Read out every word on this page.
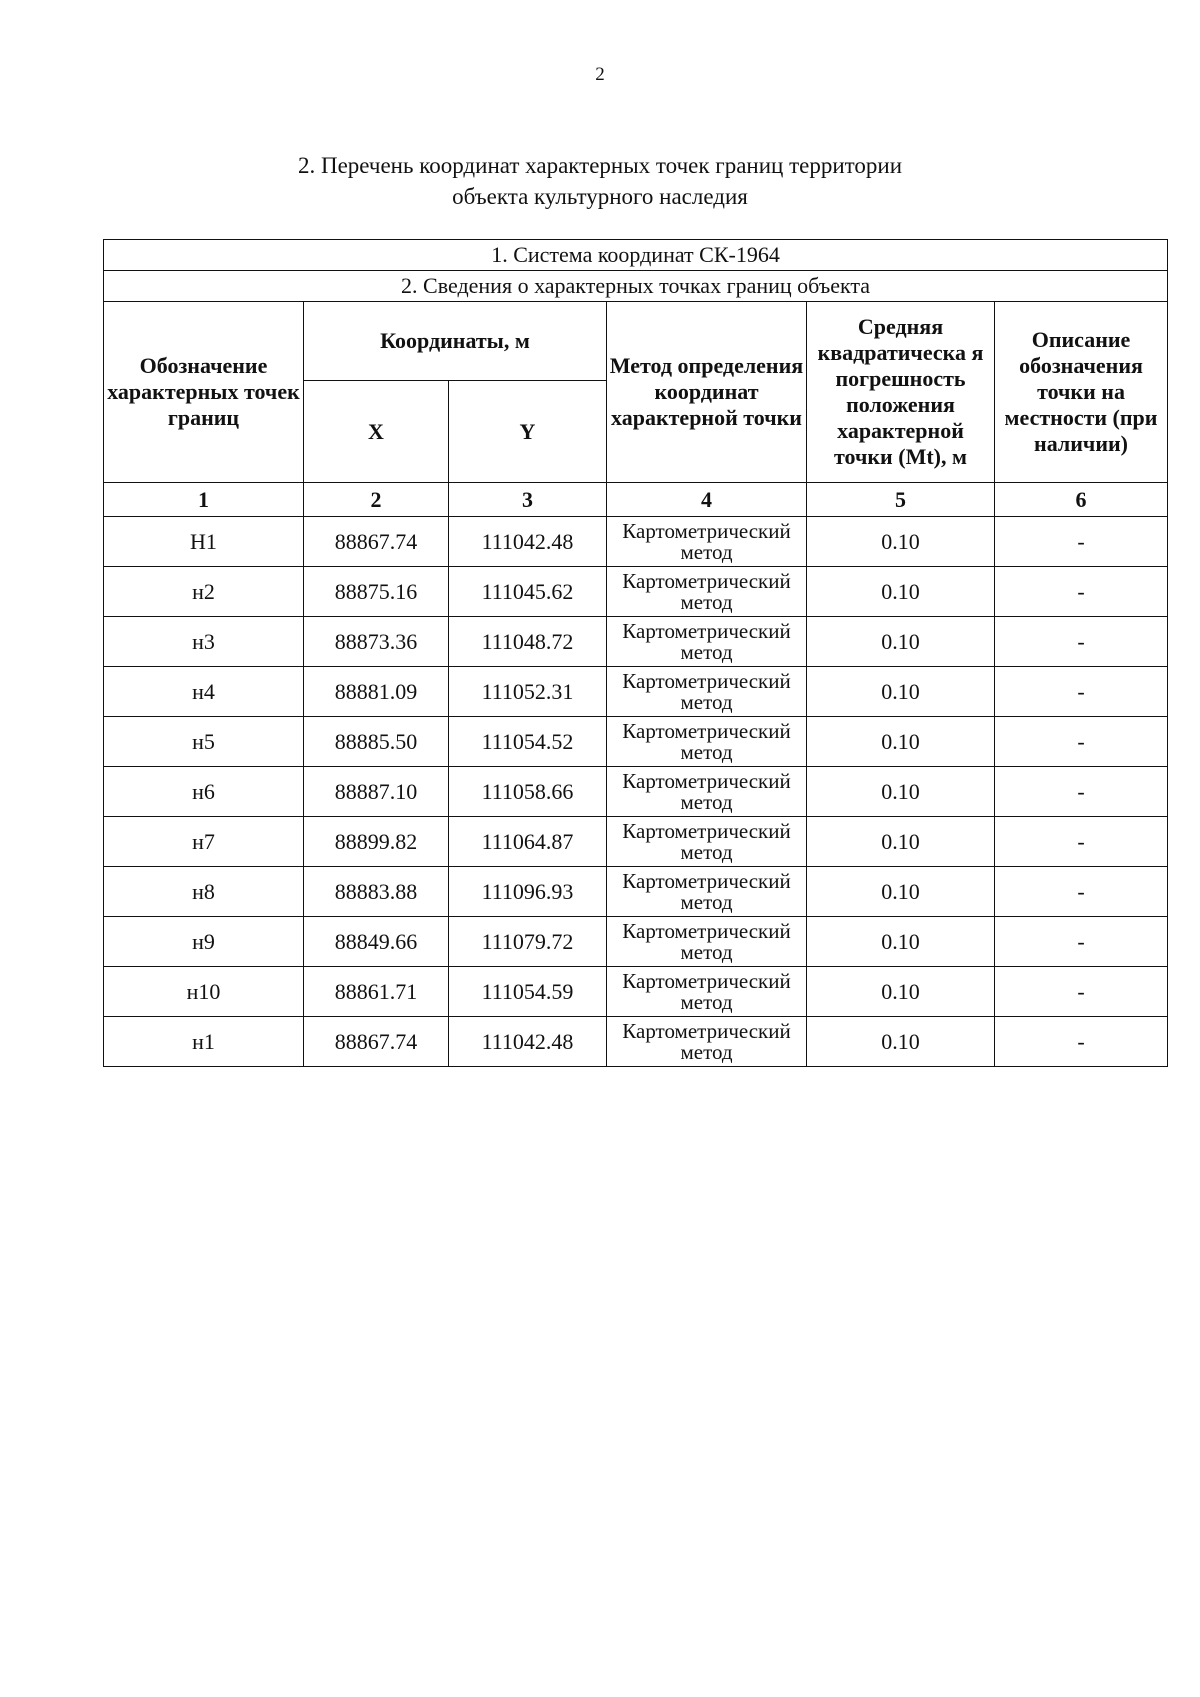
2
2. Перечень координат характерных точек границ территории
объекта культурного наследия
1. Система координат СК-1964					
2. Сведения о характерных точках границ объекта					
Обозначение характерных точек границ	Координаты, м		Метод определения координат характерной точки	Средняя квадратическа я погрешность положения характерной точки (Mt), м	Описание обозначения точки на местности (при наличии)
	X	Y			
1	2	3	4	5	6
Н1	88867.74	111042.48	Картометрический метод	0.10	-
н2	88875.16	111045.62	Картометрический метод	0.10	-
н3	88873.36	111048.72	Картометрический метод	0.10	-
н4	88881.09	111052.31	Картометрический метод	0.10	-
н5	88885.50	111054.52	Картометрический метод	0.10	-
н6	88887.10	111058.66	Картометрический метод	0.10	-
н7	88899.82	111064.87	Картометрический метод	0.10	-
н8	88883.88	111096.93	Картометрический метод	0.10	-
н9	88849.66	111079.72	Картометрический метод	0.10	-
н10	88861.71	111054.59	Картометрический метод	0.10	-
н1	88867.74	111042.48	Картометрический метод	0.10	-
